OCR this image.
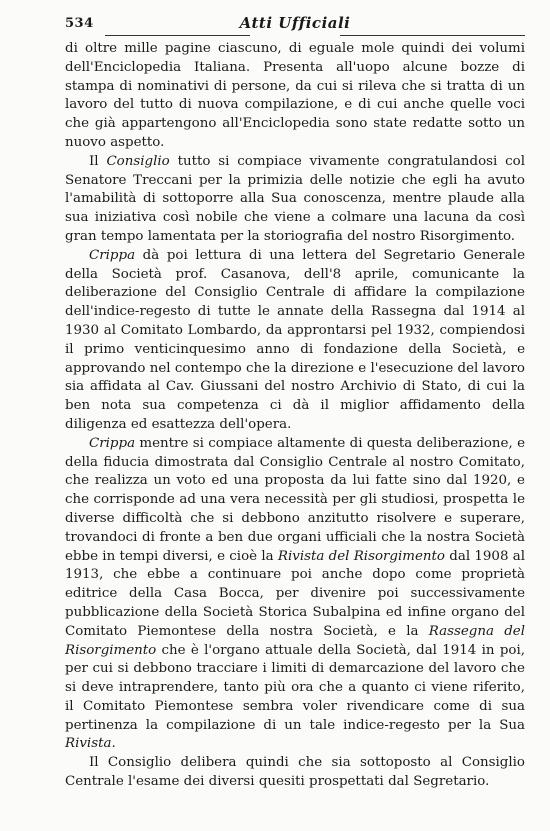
534	Atti Ufficiali

di oltre mille pagine ciascuno, di eguale mole quindi dei volumi dell'Enciclopedia Italiana. Presenta all'uopo alcune bozze di stampa di nominativi di persone, da cui si rileva che si tratta di un lavoro del tutto di nuova compilazione, e di cui anche quelle voci che già appartengono all'Enciclopedia sono state redatte sotto un nuovo aspetto.

Il Consiglio tutto si compiace vivamente congratulandosi col Senatore Treccani per la primizia delle notizie che egli ha avuto l'amabilità di sottoporre alla Sua conoscenza, mentre plaude alla sua iniziativa così nobile che viene a colmare una lacuna da così gran tempo lamentata per la storiografia del nostro Risorgimento.

Crippa dà poi lettura di una lettera del Segretario Generale della Società prof. Casanova, dell'8 aprile, comunicante la deliberazione del Consiglio Centrale di affidare la compilazione dell'indice-regesto di tutte le annate della Rassegna dal 1914 al 1930 al Comitato Lombardo, da approntarsi pel 1932, compiendosi il primo venticinquesimo anno di fondazione della Società, e approvando nel contempo che la direzione e l'esecuzione del lavoro sia affidata al Cav. Giussani del nostro Archivio di Stato, di cui la ben nota sua competenza ci dà il miglior affidamento della diligenza ed esattezza dell'opera.

Crippa mentre si compiace altamente di questa deliberazione, e della fiducia dimostrata dal Consiglio Centrale al nostro Comitato, che realizza un voto ed una proposta da lui fatte sino dal 1920, e che corrisponde ad una vera necessità per gli studiosi, prospetta le diverse difficoltà che si debbono anzitutto risolvere e superare, trovandoci di fronte a ben due organi ufficiali che la nostra Società ebbe in tempi diversi, e cioè la Rivista del Risorgimento dal 1908 al 1913, che ebbe a continuare poi anche dopo come proprietà editrice della Casa Bocca, per divenire poi successivamente pubblicazione della Società Storica Subalpina ed infine organo del Comitato Piemontese della nostra Società, e la Rassegna del Risorgimento che è l'organo attuale della Società, dal 1914 in poi, per cui si debbono tracciare i limiti di demarcazione del lavoro che si deve intraprendere, tanto più ora che a quanto ci viene riferito, il Comitato Piemontese sembra voler rivendicare come di sua pertinenza la compilazione di un tale indice-regesto per la Sua Rivista.

Il Consiglio delibera quindi che sia sottoposto al Consiglio Centrale l'esame dei diversi quesiti prospettati dal Segretario.
